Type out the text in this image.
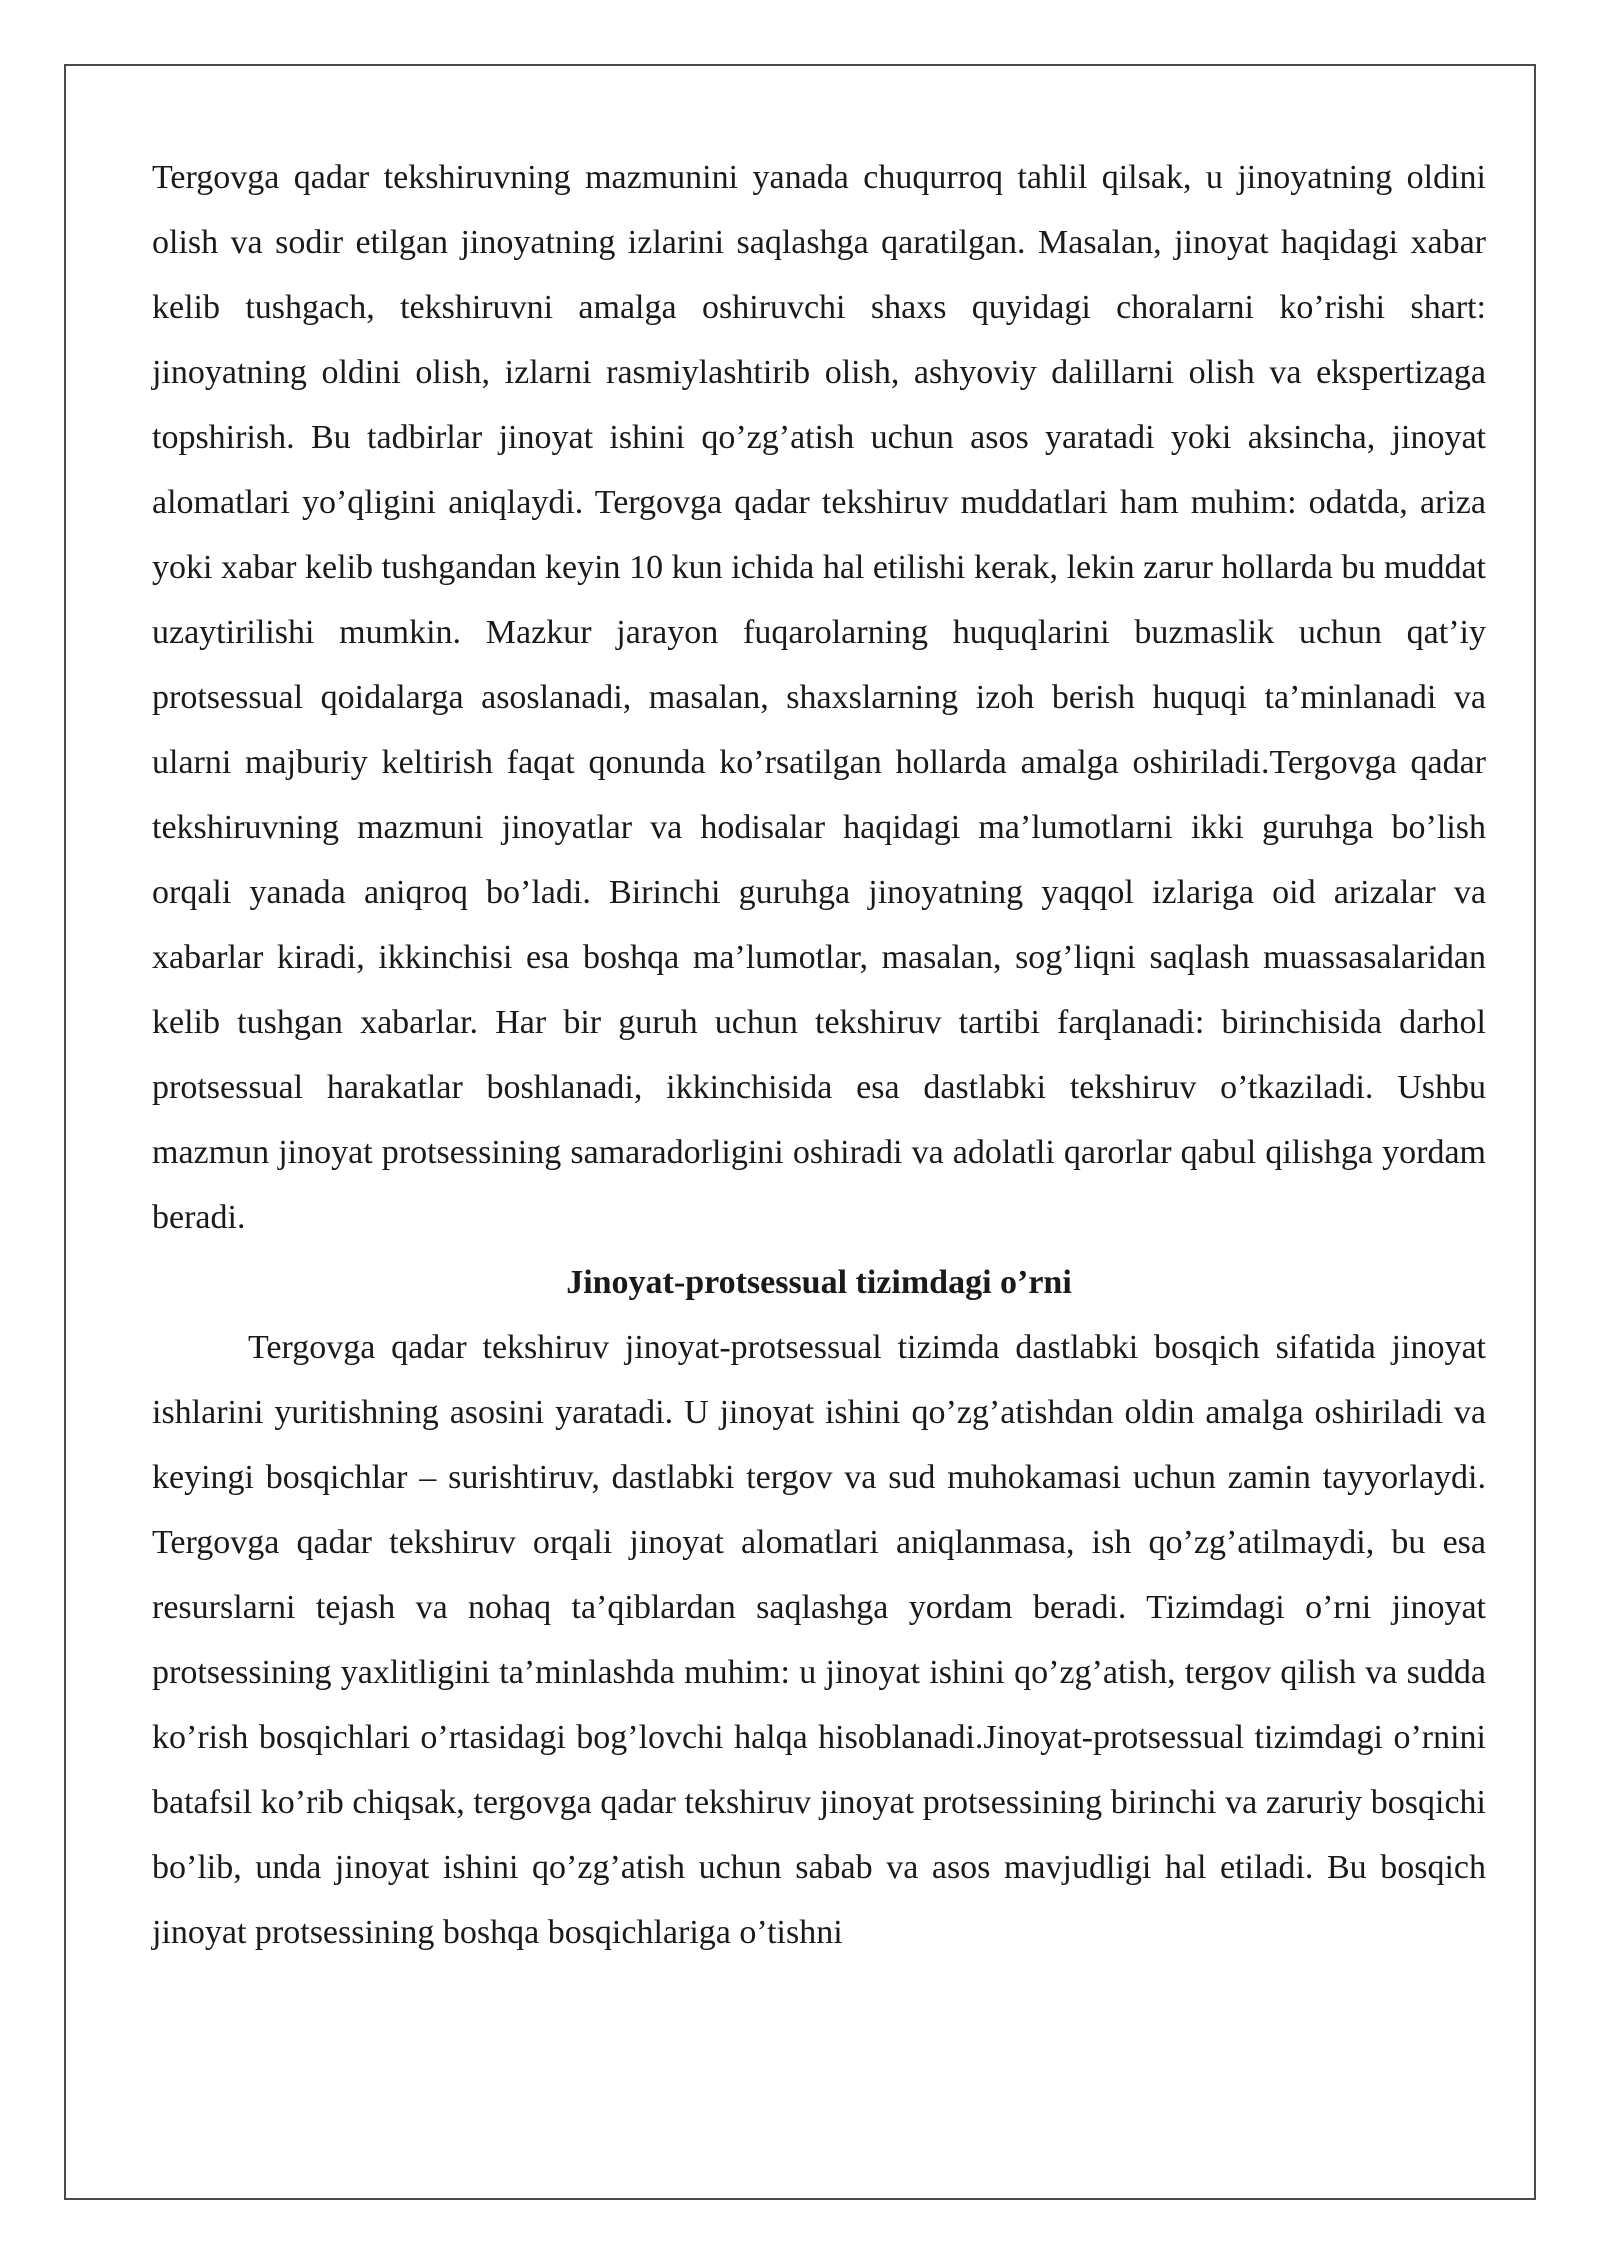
Tergovga qadar tekshiruvning mazmunini yanada chuqurroq tahlil qilsak, u jinoyatning oldini olish va sodir etilgan jinoyatning izlarini saqlashga qaratilgan. Masalan, jinoyat haqidagi xabar kelib tushgach, tekshiruvni amalga oshiruvchi shaxs quyidagi choralarni ko’rishi shart: jinoyatning oldini olish, izlarni rasmiylashtirib olish, ashyoviy dalillarni olish va ekspertizaga topshirish. Bu tadbirlar jinoyat ishini qo’zg’atish uchun asos yaratadi yoki aksincha, jinoyat alomatlari yo’qligini aniqlaydi. Tergovga qadar tekshiruv muddatlari ham muhim: odatda, ariza yoki xabar kelib tushgandan keyin 10 kun ichida hal etilishi kerak, lekin zarur hollarda bu muddat uzaytirilishi mumkin. Mazkur jarayon fuqarolarning huquqlarini buzmaslik uchun qat’iy protsessual qoidalarga asoslanadi, masalan, shaxslarning izoh berish huquqi ta’minlanadi va ularni majburiy keltirish faqat qonunda ko’rsatilgan hollarda amalga oshiriladi.Tergovga qadar tekshiruvning mazmuni jinoyatlar va hodisalar haqidagi ma’lumotlarni ikki guruhga bo’lish orqali yanada aniqroq bo’ladi. Birinchi guruhga jinoyatning yaqqol izlariga oid arizalar va xabarlar kiradi, ikkinchisi esa boshqa ma’lumotlar, masalan, sog’liqni saqlash muassasalaridan kelib tushgan xabarlar. Har bir guruh uchun tekshiruv tartibi farqlanadi: birinchisida darhol protsessual harakatlar boshlanadi, ikkinchisida esa dastlabki tekshiruv o’tkaziladi. Ushbu mazmun jinoyat protsessining samaradorligini oshiradi va adolatli qarorlar qabul qilishga yordam beradi.

Jinoyat-protsessual tizimdagi o’rni

Tergovga qadar tekshiruv jinoyat-protsessual tizimda dastlabki bosqich sifatida jinoyat ishlarini yuritishning asosini yaratadi. U jinoyat ishini qo’zg’atishdan oldin amalga oshiriladi va keyingi bosqichlar – surishtiruv, dastlabki tergov va sud muhokamasi uchun zamin tayyorlaydi. Tergovga qadar tekshiruv orqali jinoyat alomatlari aniqlanmasa, ish qo’zg’atilmaydi, bu esa resurslarni tejash va nohaq ta’qiblardan saqlashga yordam beradi. Tizimdagi o’rni jinoyat protsessining yaxlitligini ta’minlashda muhim: u jinoyat ishini qo’zg’atish, tergov qilish va sudda ko’rish bosqichlari o’rtasidagi bog’lovchi halqa hisoblanadi.Jinoyat-protsessual tizimdagi o’rnini batafsil ko’rib chiqsak, tergovga qadar tekshiruv jinoyat protsessining birinchi va zaruriy bosqichi bo’lib, unda jinoyat ishini qo’zg’atish uchun sabab va asos mavjudligi hal etiladi. Bu bosqich jinoyat protsessining boshqa bosqichlariga o’tishni
